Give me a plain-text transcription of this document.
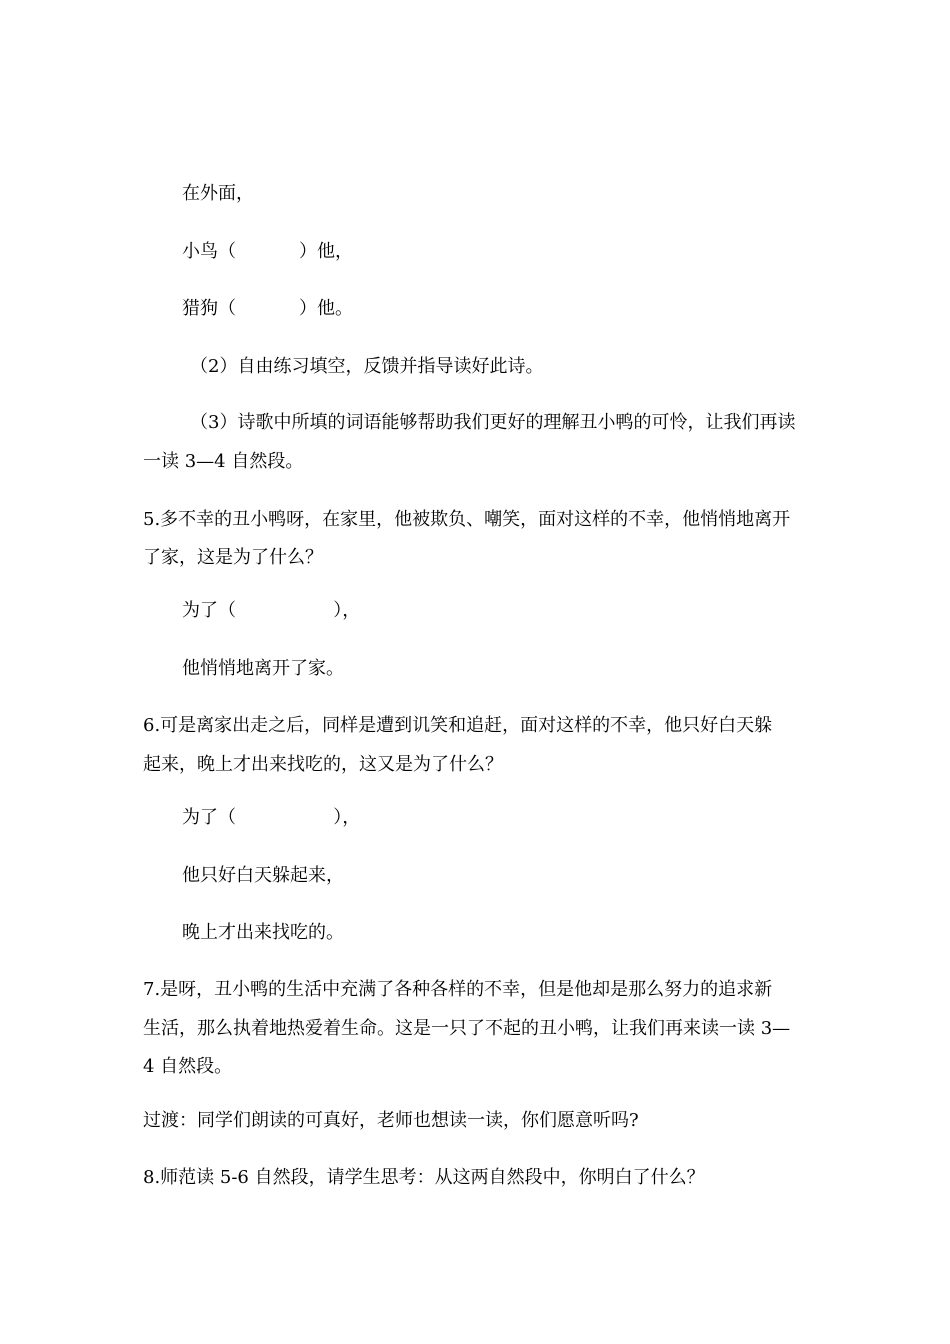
在外面，

小鸟（           ）他，

猎狗（           ）他。

（2）自由练习填空，反馈并指导读好此诗。

（3）诗歌中所填的词语能够帮助我们更好的理解丑小鸭的可怜，让我们再读

一读 3—4 自然段。

5.多不幸的丑小鸭呀，在家里，他被欺负、嘲笑，面对这样的不幸，他悄悄地离开

了家，这是为了什么？

为了（                 ），

他悄悄地离开了家。

6.可是离家出走之后，同样是遭到讥笑和追赶，面对这样的不幸，他只好白天躲

起来，晚上才出来找吃的，这又是为了什么？

为了（                 ），

他只好白天躲起来，

晚上才出来找吃的。

7.是呀，丑小鸭的生活中充满了各种各样的不幸，但是他却是那么努力的追求新

生活，那么执着地热爱着生命。这是一只了不起的丑小鸭，让我们再来读一读 3—

4 自然段。

过渡：同学们朗读的可真好，老师也想读一读，你们愿意听吗?

8.师范读 5-6 自然段，请学生思考：从这两自然段中，你明白了什么？
